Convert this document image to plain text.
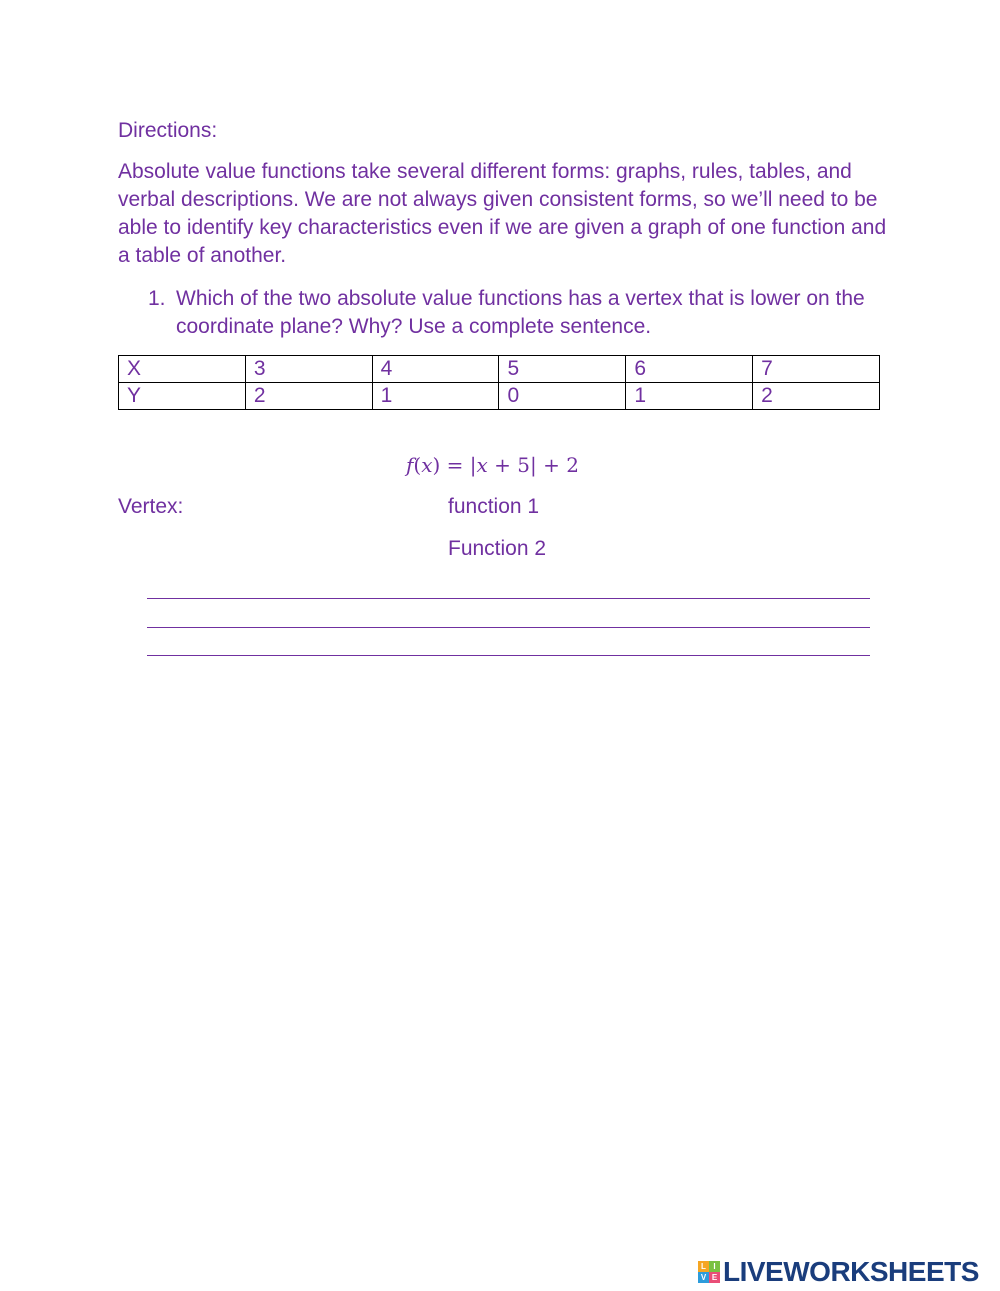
Directions:
Absolute value functions take several different forms: graphs, rules, tables, and verbal descriptions. We are not always given consistent forms, so we’ll need to be able to identify key characteristics even if we are given a graph of one function and a table of another.
1. Which of the two absolute value functions has a vertex that is lower on the coordinate plane? Why? Use a complete sentence.
X	3	4	5	6	7
Y	2	1	0	1	2
f(x) = |x + 5| + 2
Vertex:	function 1
Function 2
L I
V E LIVEWORKSHEETS
